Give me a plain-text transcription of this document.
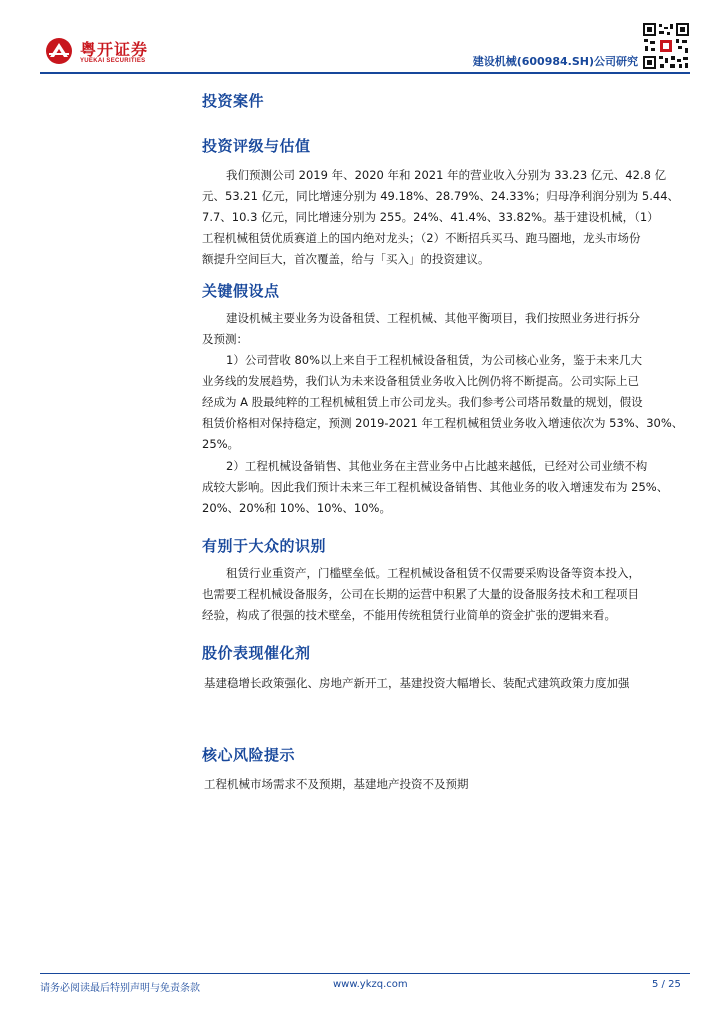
粤开证券
YUEKAI SECURITIES	建设机械(600984.SH)公司研究
投资案件
投资评级与估值
我们预测公司 2019 年、2020 年和 2021 年的营业收入分别为 33.23 亿元、42.8 亿
元、53.21 亿元，同比增速分别为 49.18%、28.79%、24.33%；归母净利润分别为 5.44、
7.7、10.3 亿元，同比增速分别为 255。24%、41.4%、33.82%。基于建设机械，（1）
工程机械租赁优质赛道上的国内绝对龙头；（2）不断招兵买马、跑马圈地，龙头市场份
额提升空间巨大，首次覆盖，给与「买入」的投资建议。
关键假设点
建设机械主要业务为设备租赁、工程机械、其他平衡项目，我们按照业务进行拆分
及预测：
1）公司营收 80%以上来自于工程机械设备租赁，为公司核心业务，鉴于未来几大
业务线的发展趋势，我们认为未来设备租赁业务收入比例仍将不断提高。公司实际上已
经成为 A 股最纯粹的工程机械租赁上市公司龙头。我们参考公司塔吊数量的规划，假设
租赁价格相对保持稳定，预测 2019-2021 年工程机械租赁业务收入增速依次为 53%、30%、
25%。
2）工程机械设备销售、其他业务在主营业务中占比越来越低，已经对公司业绩不构
成较大影响。因此我们预计未来三年工程机械设备销售、其他业务的收入增速发布为 25%、
20%、20%和 10%、10%、10%。
有别于大众的识别
租赁行业重资产，门槛壁垒低。工程机械设备租赁不仅需要采购设备等资本投入，
也需要工程机械设备服务，公司在长期的运营中积累了大量的设备服务技术和工程项目
经验，构成了很强的技术壁垒，不能用传统租赁行业简单的资金扩张的逻辑来看。
股价表现催化剂
基建稳增长政策强化、房地产新开工，基建投资大幅增长、装配式建筑政策力度加强
核心风险提示
工程机械市场需求不及预期，基建地产投资不及预期
请务必阅读最后特别声明与免责条款	www.ykzq.com	5 / 25
